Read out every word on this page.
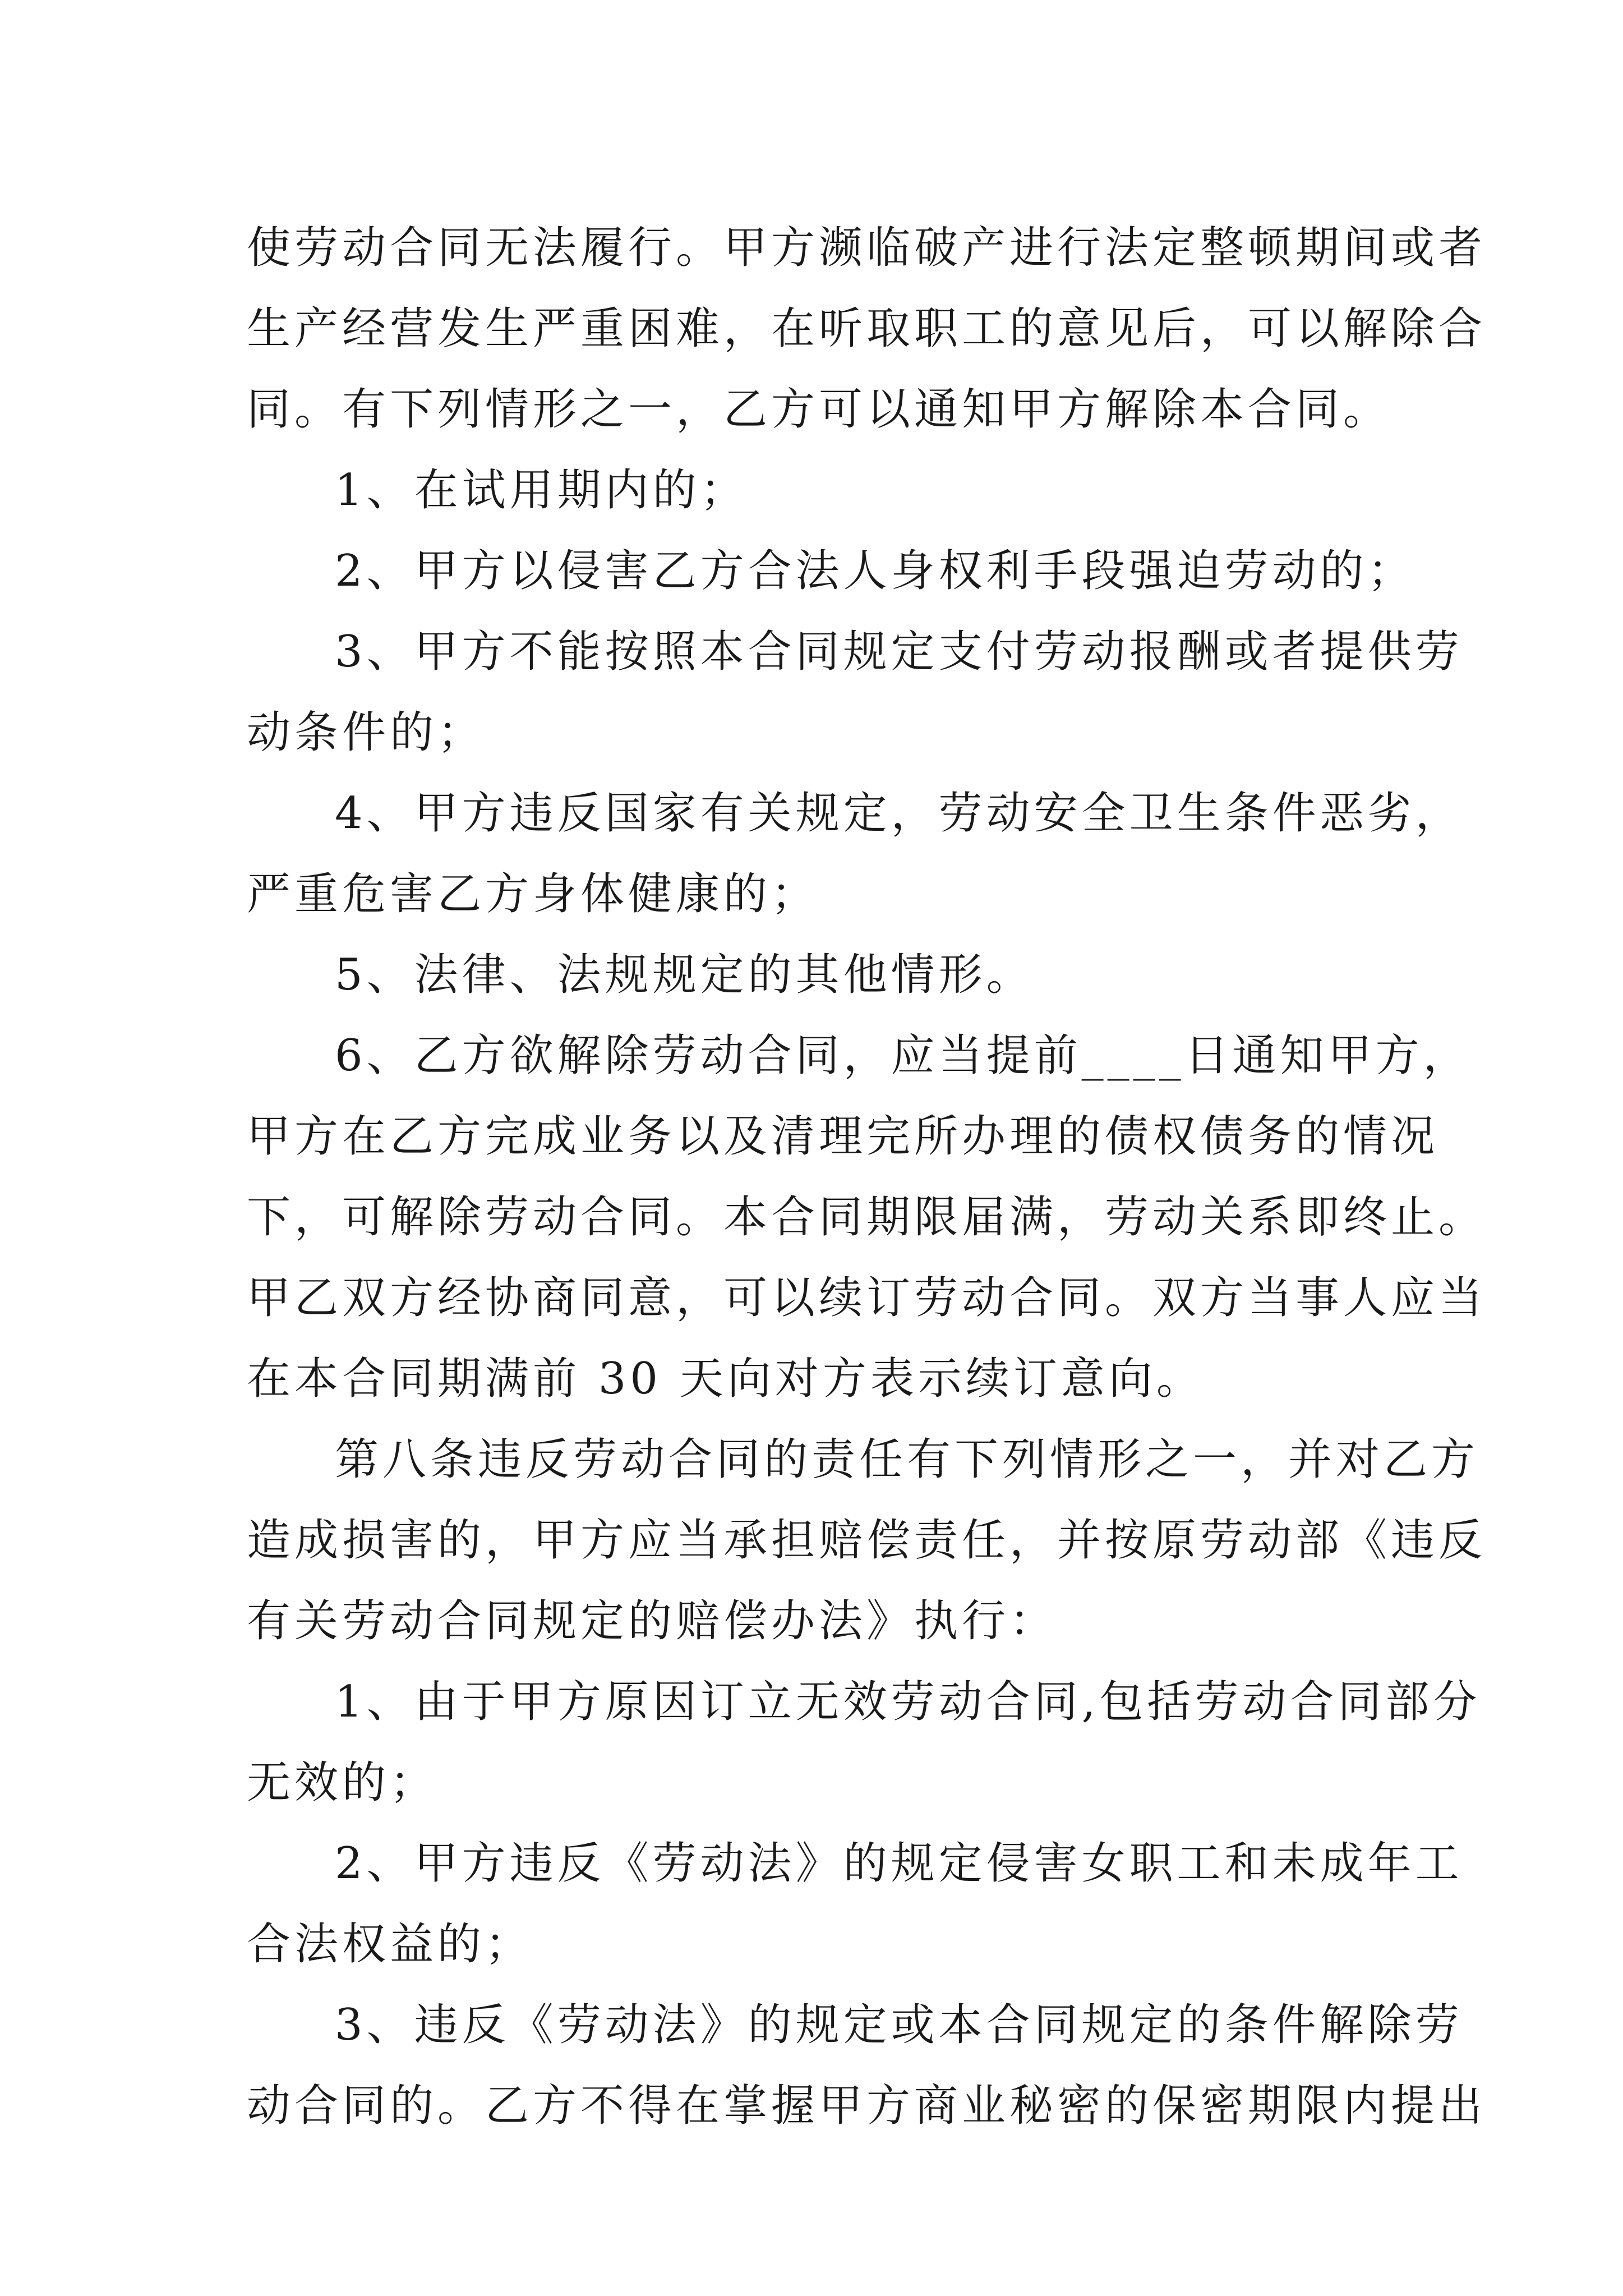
使劳动合同无法履行。甲方濒临破产进行法定整顿期间或者
生产经营发生严重困难，在听取职工的意见后，可以解除合
同。有下列情形之一，乙方可以通知甲方解除本合同。
1、在试用期内的；
2、甲方以侵害乙方合法人身权利手段强迫劳动的；
3、甲方不能按照本合同规定支付劳动报酬或者提供劳
动条件的；
4、甲方违反国家有关规定，劳动安全卫生条件恶劣，
严重危害乙方身体健康的；
5、法律、法规规定的其他情形。
6、乙方欲解除劳动合同，应当提前____日通知甲方，
甲方在乙方完成业务以及清理完所办理的债权债务的情况
下，可解除劳动合同。本合同期限届满，劳动关系即终止。
甲乙双方经协商同意，可以续订劳动合同。双方当事人应当
在本合同期满前 30 天向对方表示续订意向。
第八条违反劳动合同的责任有下列情形之一，并对乙方
造成损害的，甲方应当承担赔偿责任，并按原劳动部《违反
有关劳动合同规定的赔偿办法》执行：
1、由于甲方原因订立无效劳动合同,包括劳动合同部分
无效的；
2、甲方违反《劳动法》的规定侵害女职工和未成年工
合法权益的；
3、违反《劳动法》的规定或本合同规定的条件解除劳
动合同的。乙方不得在掌握甲方商业秘密的保密期限内提出
